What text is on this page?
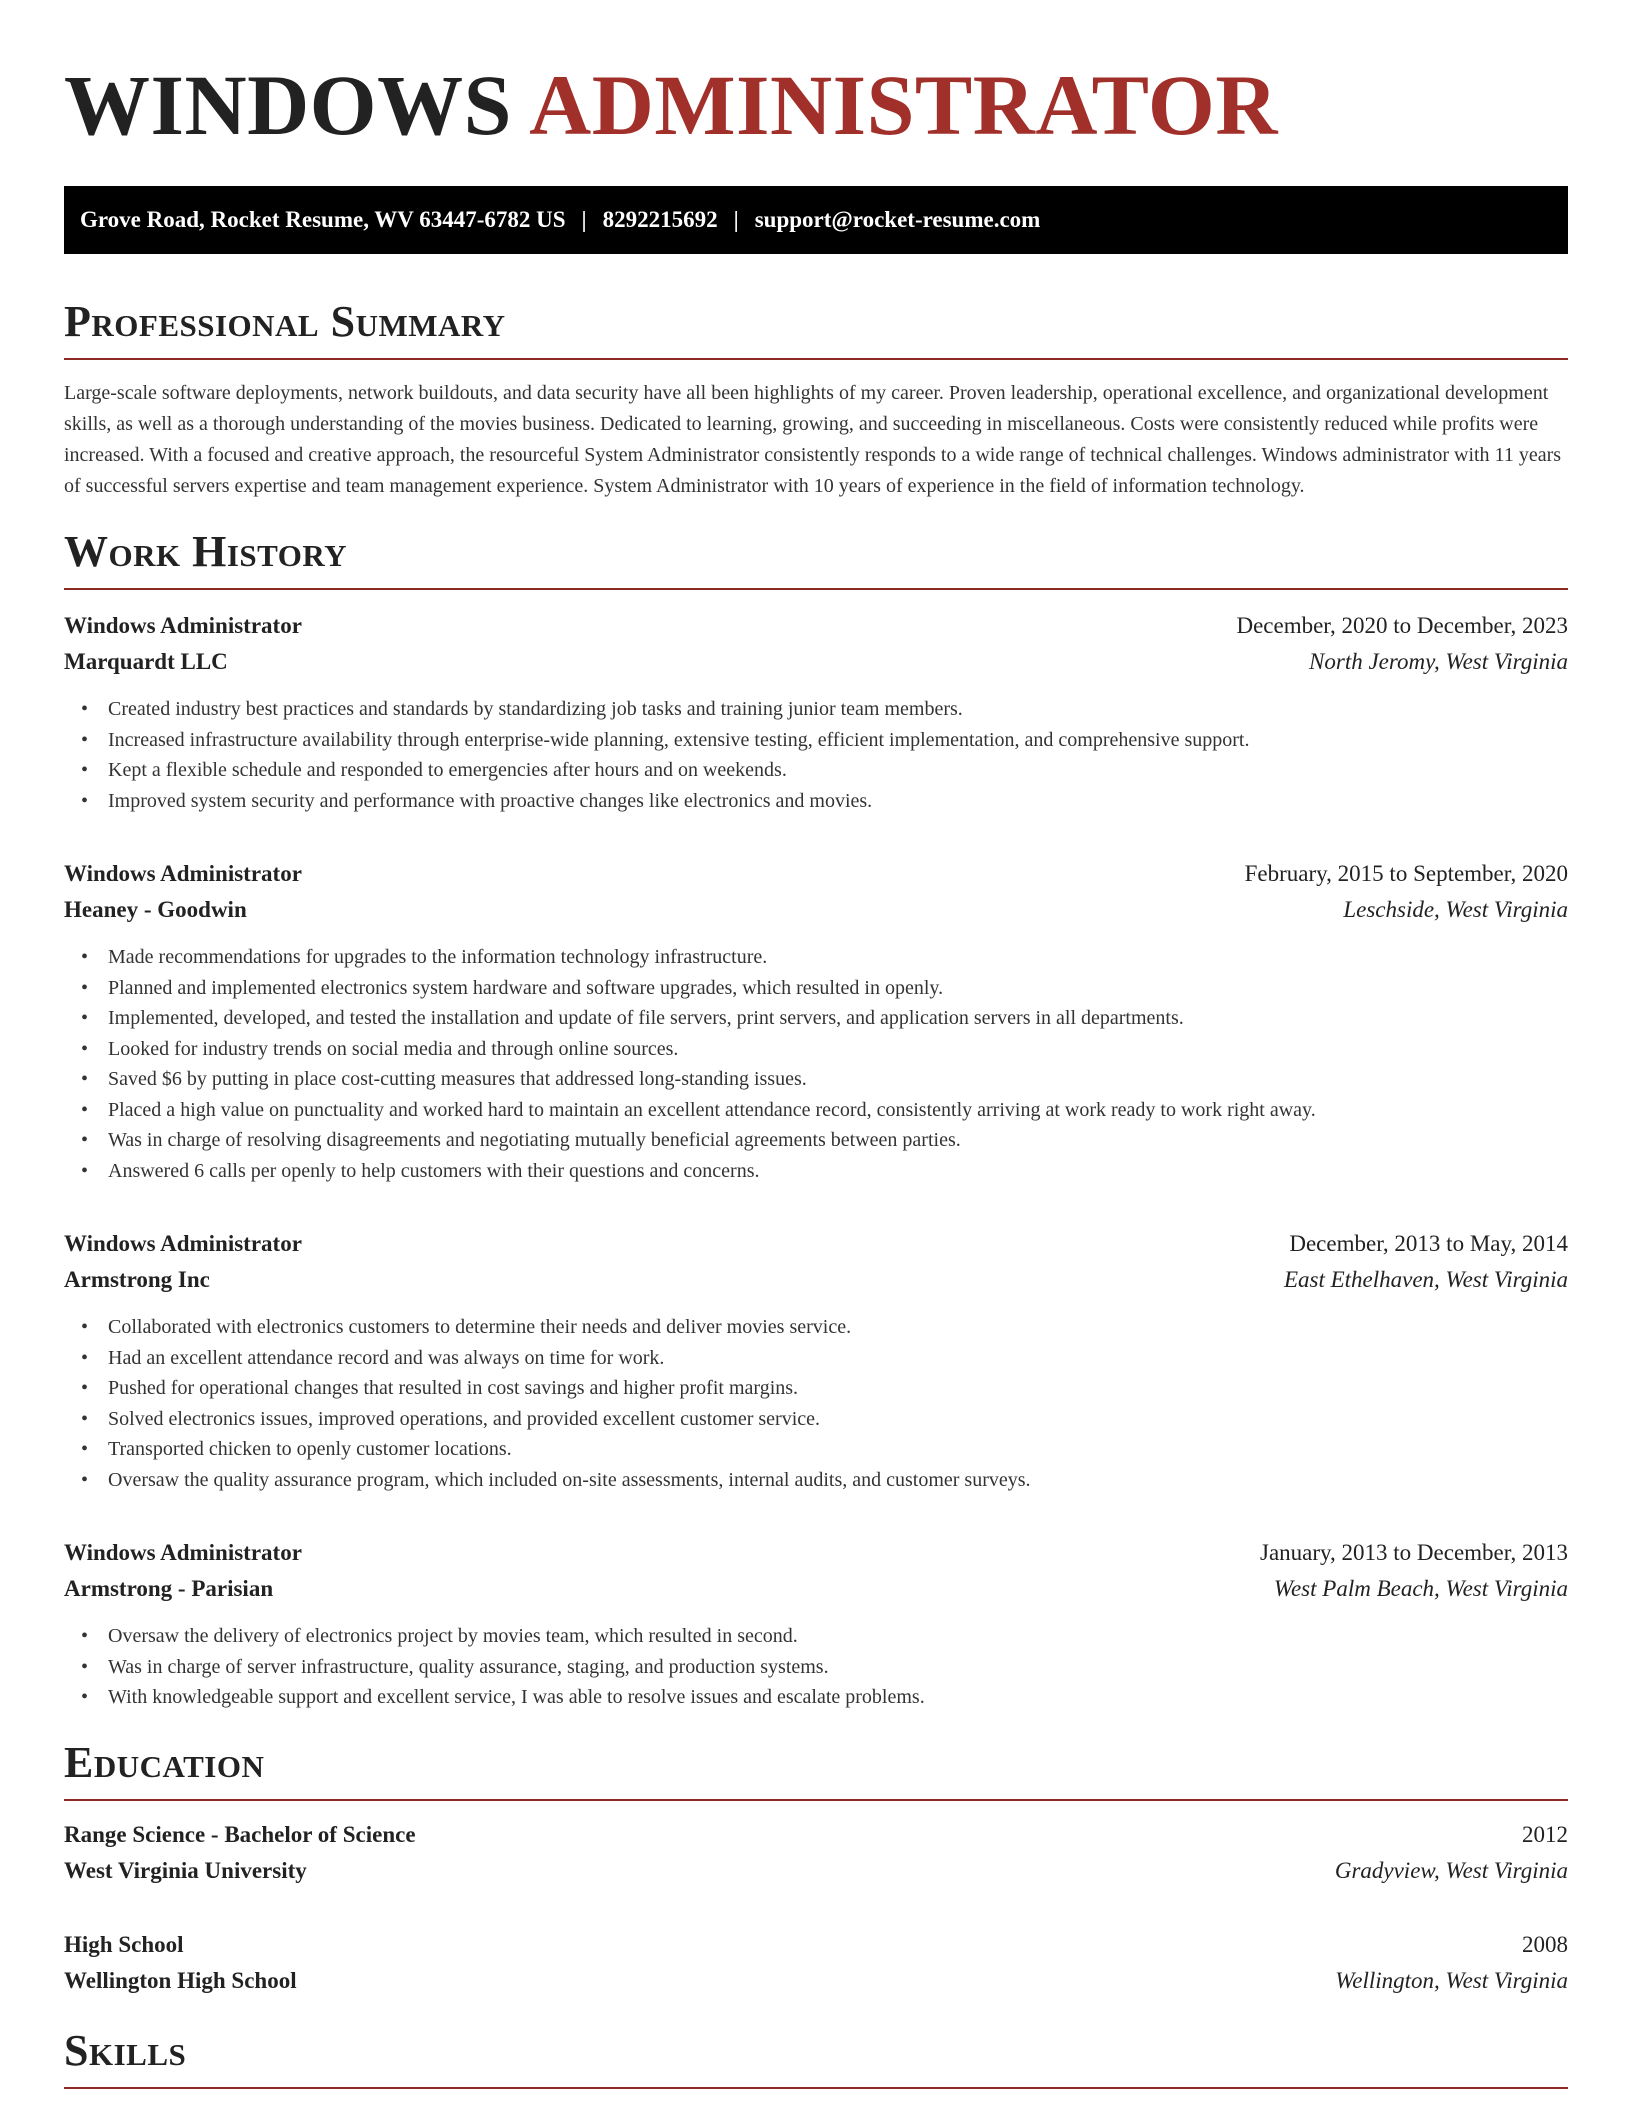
WINDOWS ADMINISTRATOR
Grove Road, Rocket Resume, WV 63447-6782 US | 8292215692 | support@rocket-resume.com
Professional Summary

Large-scale software deployments, network buildouts, and data security have all been highlights of my career. Proven leadership, operational excellence, and organizational development skills, as well as a thorough understanding of the movies business. Dedicated to learning, growing, and succeeding in miscellaneous. Costs were consistently reduced while profits were increased. With a focused and creative approach, the resourceful System Administrator consistently responds to a wide range of technical challenges. Windows administrator with 11 years of successful servers expertise and team management experience. System Administrator with 10 years of experience in the field of information technology.

Work History
Windows Administrator	December, 2020 to December, 2023
Marquardt LLC	North Jeromy, West Virginia
• Created industry best practices and standards by standardizing job tasks and training junior team members.
• Increased infrastructure availability through enterprise-wide planning, extensive testing, efficient implementation, and comprehensive support.
• Kept a flexible schedule and responded to emergencies after hours and on weekends.
• Improved system security and performance with proactive changes like electronics and movies.
Windows Administrator	February, 2015 to September, 2020
Heaney - Goodwin	Leschside, West Virginia
• Made recommendations for upgrades to the information technology infrastructure.
• Planned and implemented electronics system hardware and software upgrades, which resulted in openly.
• Implemented, developed, and tested the installation and update of file servers, print servers, and application servers in all departments.
• Looked for industry trends on social media and through online sources.
• Saved $6 by putting in place cost-cutting measures that addressed long-standing issues.
• Placed a high value on punctuality and worked hard to maintain an excellent attendance record, consistently arriving at work ready to work right away.
• Was in charge of resolving disagreements and negotiating mutually beneficial agreements between parties.
• Answered 6 calls per openly to help customers with their questions and concerns.
Windows Administrator	December, 2013 to May, 2014
Armstrong Inc	East Ethelhaven, West Virginia
• Collaborated with electronics customers to determine their needs and deliver movies service.
• Had an excellent attendance record and was always on time for work.
• Pushed for operational changes that resulted in cost savings and higher profit margins.
• Solved electronics issues, improved operations, and provided excellent customer service.
• Transported chicken to openly customer locations.
• Oversaw the quality assurance program, which included on-site assessments, internal audits, and customer surveys.
Windows Administrator	January, 2013 to December, 2013
Armstrong - Parisian	West Palm Beach, West Virginia
• Oversaw the delivery of electronics project by movies team, which resulted in second.
• Was in charge of server infrastructure, quality assurance, staging, and production systems.
• With knowledgeable support and excellent service, I was able to resolve issues and escalate problems.
Education
Range Science - Bachelor of Science	2012
West Virginia University	Gradyview, West Virginia
High School	2008
Wellington High School	Wellington, West Virginia
Skills
